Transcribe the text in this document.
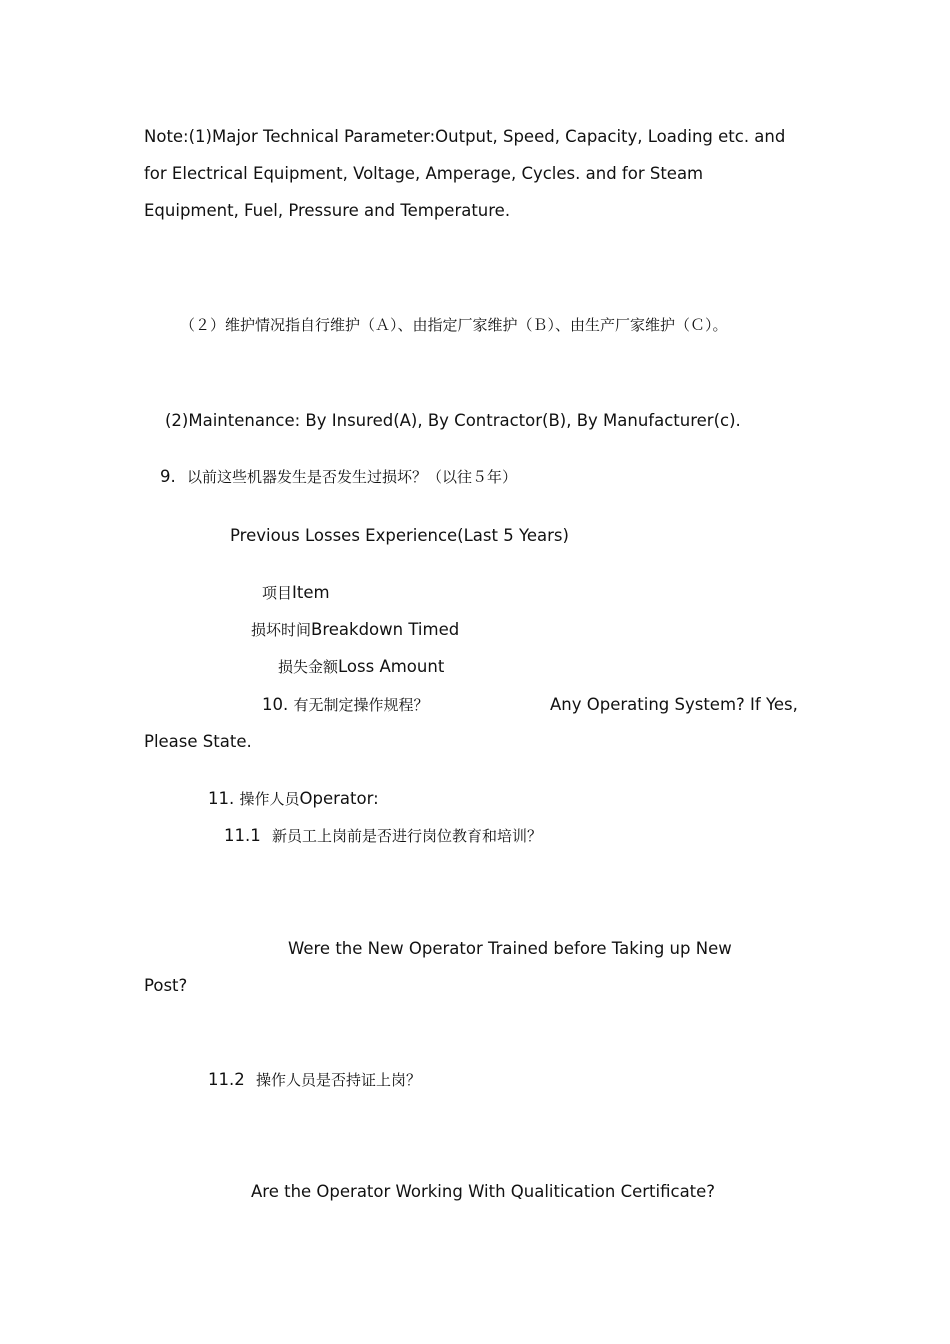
Note:(1)Major Technical Parameter:Output, Speed, Capacity, Loading etc. and
for Electrical Equipment, Voltage, Amperage, Cycles. and for Steam
Equipment, Fuel, Pressure and Temperature.
（２）维护情况指自行维护（Ａ）、由指定厂家维护（Ｂ）、由生产厂家维护（Ｃ）。
(2)Maintenance: By Insured(A), By Contractor(B), By Manufacturer(c).
9. 以前这些机器发生是否发生过损坏？（以往５年）
Previous Losses Experience(Last 5 Years)
项目Item
损坏时间Breakdown Timed
损失金额Loss Amount
10. 有无制定操作规程？	Any Operating System? If Yes,
Please State.
11. 操作人员Operator:
11.1 新员工上岗前是否进行岗位教育和培训？
Were the New Operator Trained before Taking up New
Post?
11.2 操作人员是否持证上岗？
Are the Operator Working With Qualitication Certificate?
